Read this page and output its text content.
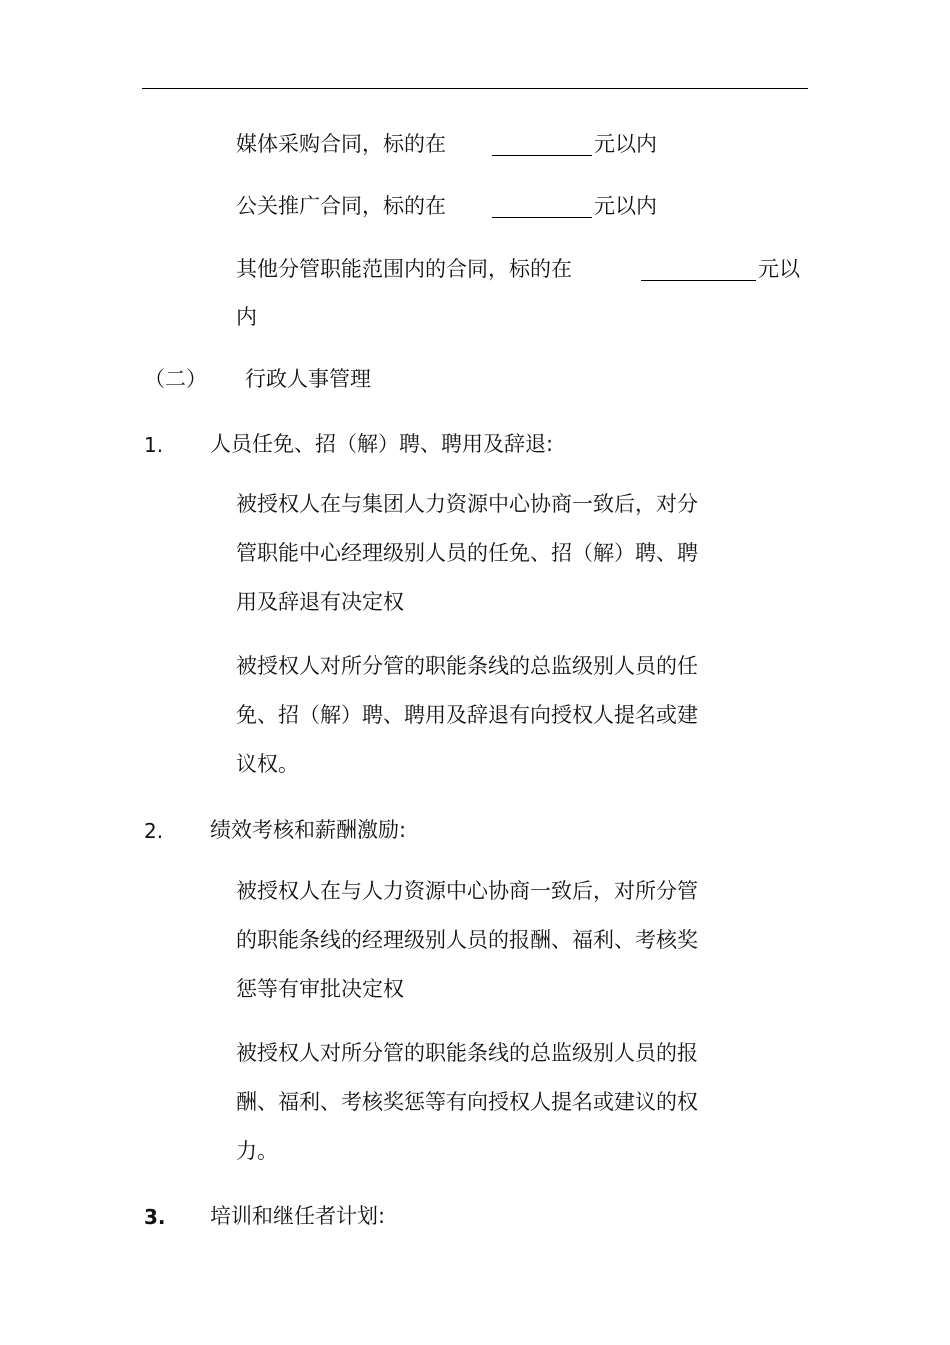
媒体采购合同，标的在	元以内
公关推广合同，标的在	元以内
其他分管职能范围内的合同，标的在	元以
内
（二） 行政人事管理
1. 人员任免、招（解）聘、聘用及辞退:
被授权人在与集团人力资源中心协商一致后，对分
管职能中心经理级别人员的任免、招（解）聘、聘
用及辞退有决定权
被授权人对所分管的职能条线的总监级别人员的任
免、招（解）聘、聘用及辞退有向授权人提名或建
议权。
2. 绩效考核和薪酬激励:
被授权人在与人力资源中心协商一致后，对所分管
的职能条线的经理级别人员的报酬、福利、考核奖
惩等有审批决定权
被授权人对所分管的职能条线的总监级别人员的报
酬、福利、考核奖惩等有向授权人提名或建议的权
力。
3. 培训和继任者计划:
